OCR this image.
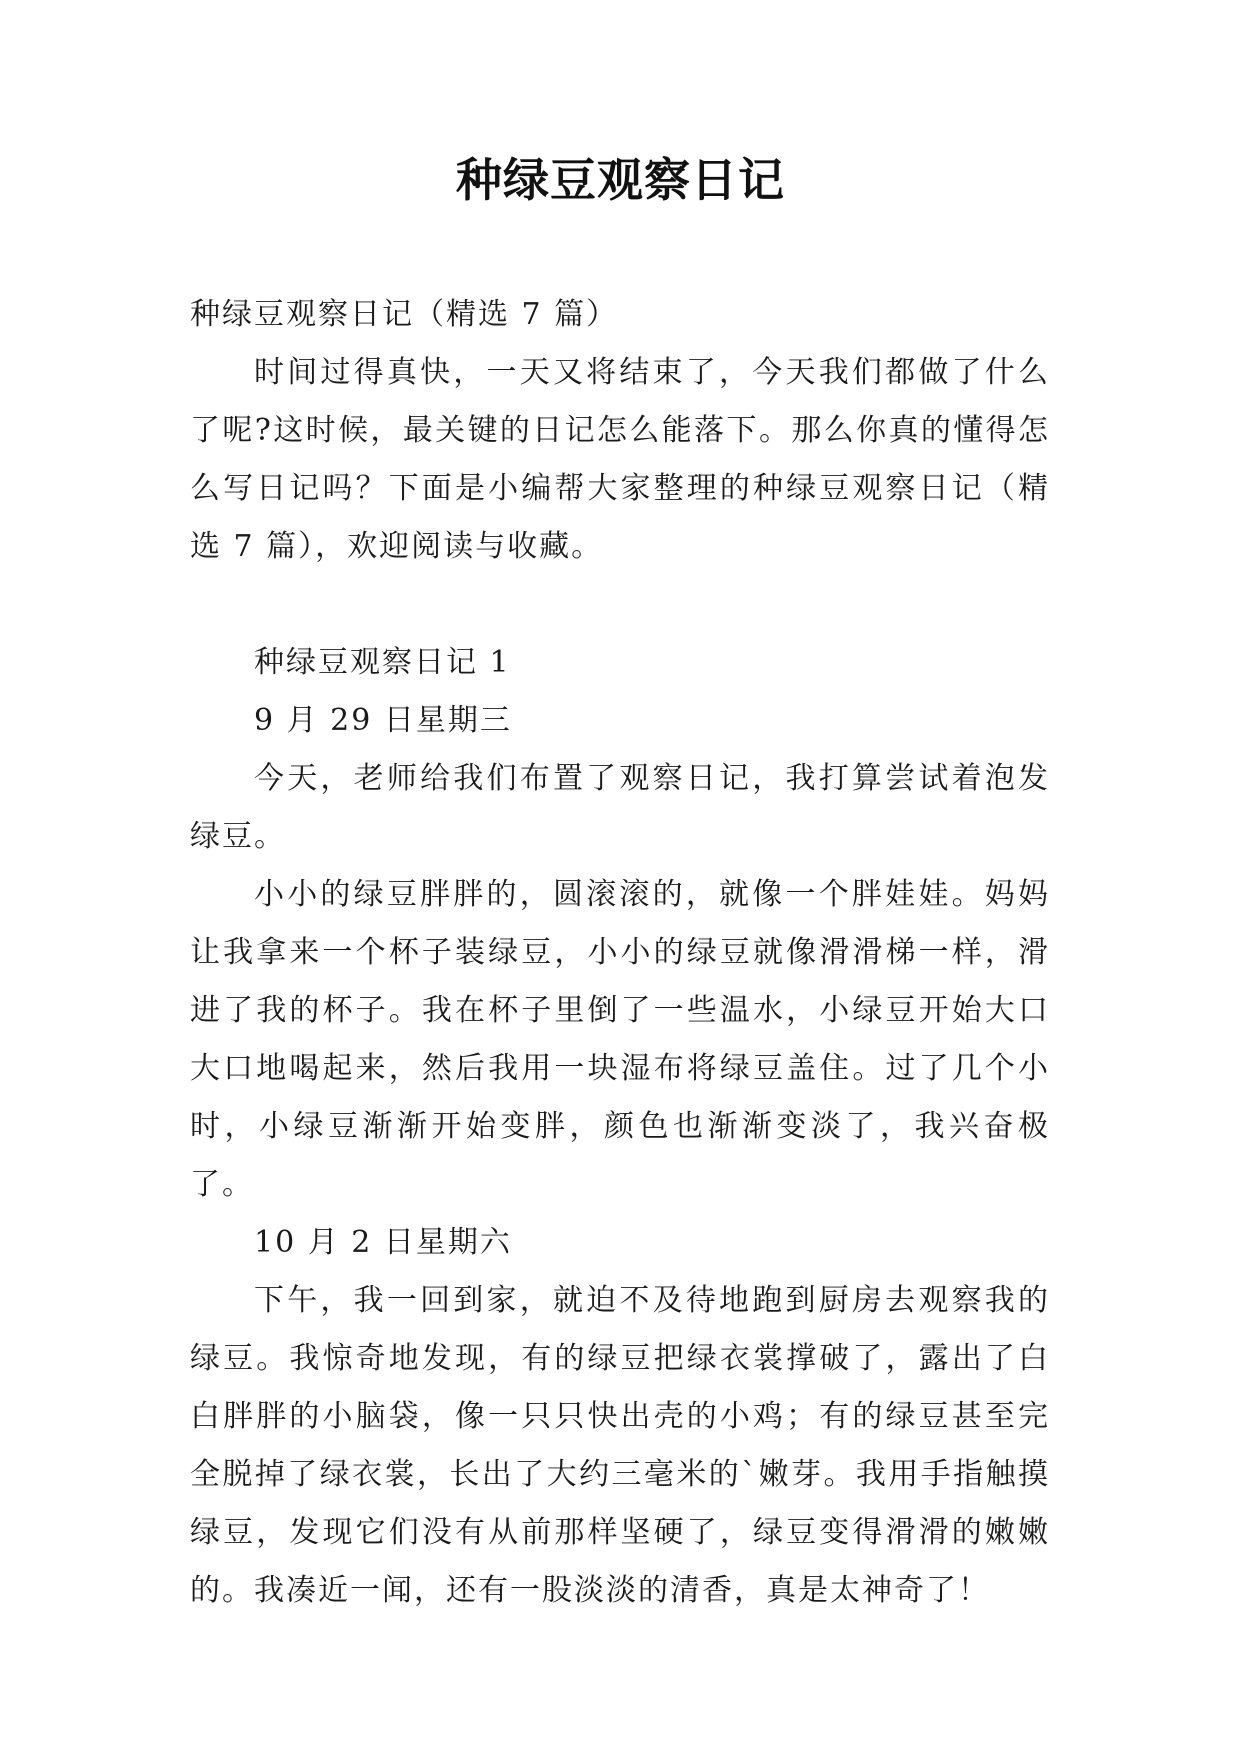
种绿豆观察日记

种绿豆观察日记（精选 7 篇）

时间过得真快，一天又将结束了，今天我们都做了什么了呢?这时候，最关键的日记怎么能落下。那么你真的懂得怎么写日记吗？下面是小编帮大家整理的种绿豆观察日记（精选 7 篇），欢迎阅读与收藏。

种绿豆观察日记 1

9 月 29 日星期三

今天，老师给我们布置了观察日记，我打算尝试着泡发绿豆。

小小的绿豆胖胖的，圆滚滚的，就像一个胖娃娃。妈妈让我拿来一个杯子装绿豆，小小的绿豆就像滑滑梯一样，滑进了我的杯子。我在杯子里倒了一些温水，小绿豆开始大口大口地喝起来，然后我用一块湿布将绿豆盖住。过了几个小时，小绿豆渐渐开始变胖，颜色也渐渐变淡了，我兴奋极了。

10 月 2 日星期六

下午，我一回到家，就迫不及待地跑到厨房去观察我的绿豆。我惊奇地发现，有的绿豆把绿衣裳撑破了，露出了白白胖胖的小脑袋，像一只只快出壳的小鸡；有的绿豆甚至完全脱掉了绿衣裳，长出了大约三毫米的`嫩芽。我用手指触摸绿豆，发现它们没有从前那样坚硬了，绿豆变得滑滑的嫩嫩的。我凑近一闻，还有一股淡淡的清香，真是太神奇了！
